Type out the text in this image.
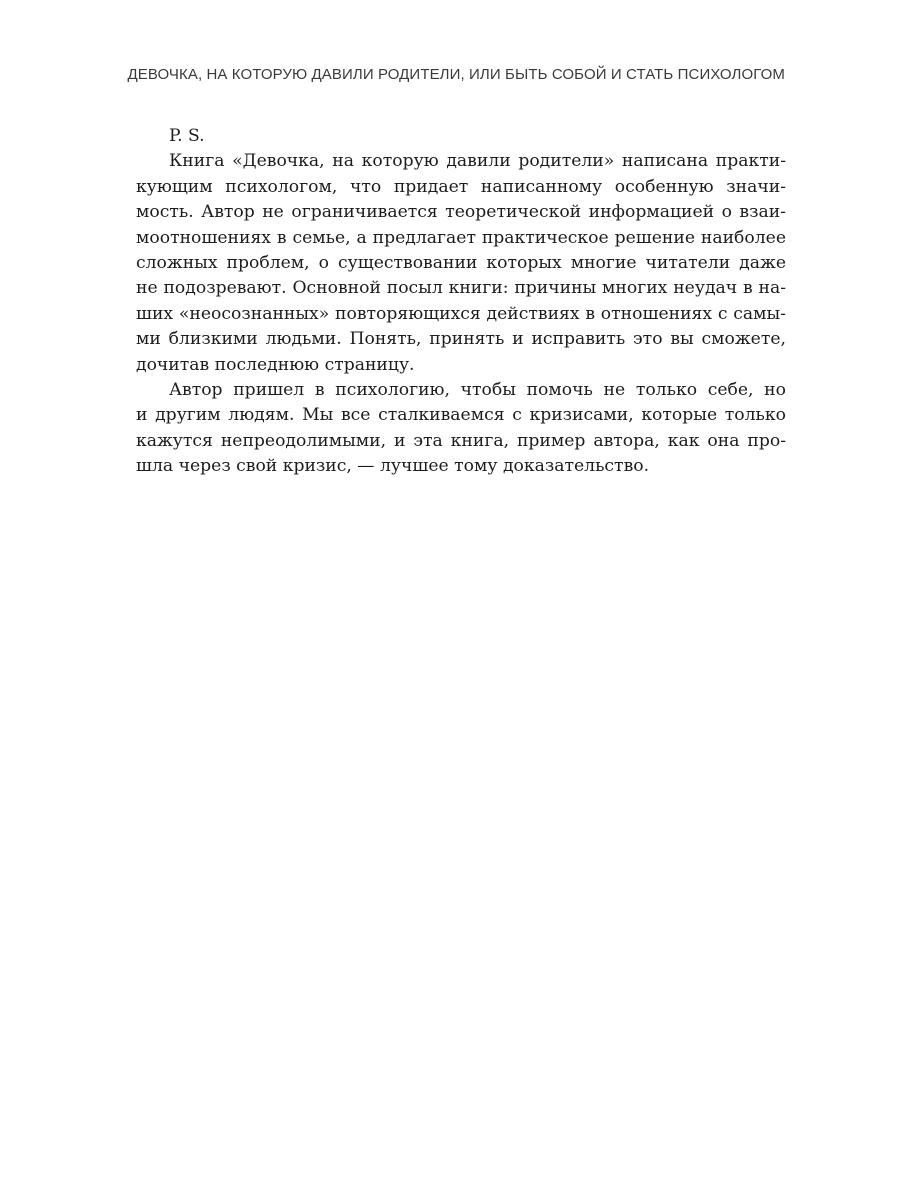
ДЕВОЧКА, НА КОТОРУЮ ДАВИЛИ РОДИТЕЛИ, ИЛИ БЫТЬ СОБОЙ И СТАТЬ ПСИХОЛОГОМ
P. S.
Книга «Девочка, на которую давили родители» написана практи-
кующим психологом, что придает написанному особенную значи-
мость. Автор не ограничивается теоретической информацией о взаи-
моотношениях в семье, а предлагает практическое решение наиболее
сложных проблем, о существовании которых многие читатели даже
не подозревают. Основной посыл книги: причины многих неудач в на-
ших «неосознанных» повторяющихся действиях в отношениях с самы-
ми близкими людьми. Понять, принять и исправить это вы сможете,
дочитав последнюю страницу.
Автор пришел в психологию, чтобы помочь не только себе, но
и другим людям. Мы все сталкиваемся с кризисами, которые только
кажутся непреодолимыми, и эта книга, пример автора, как она про-
шла через свой кризис, — лучшее тому доказательство.
